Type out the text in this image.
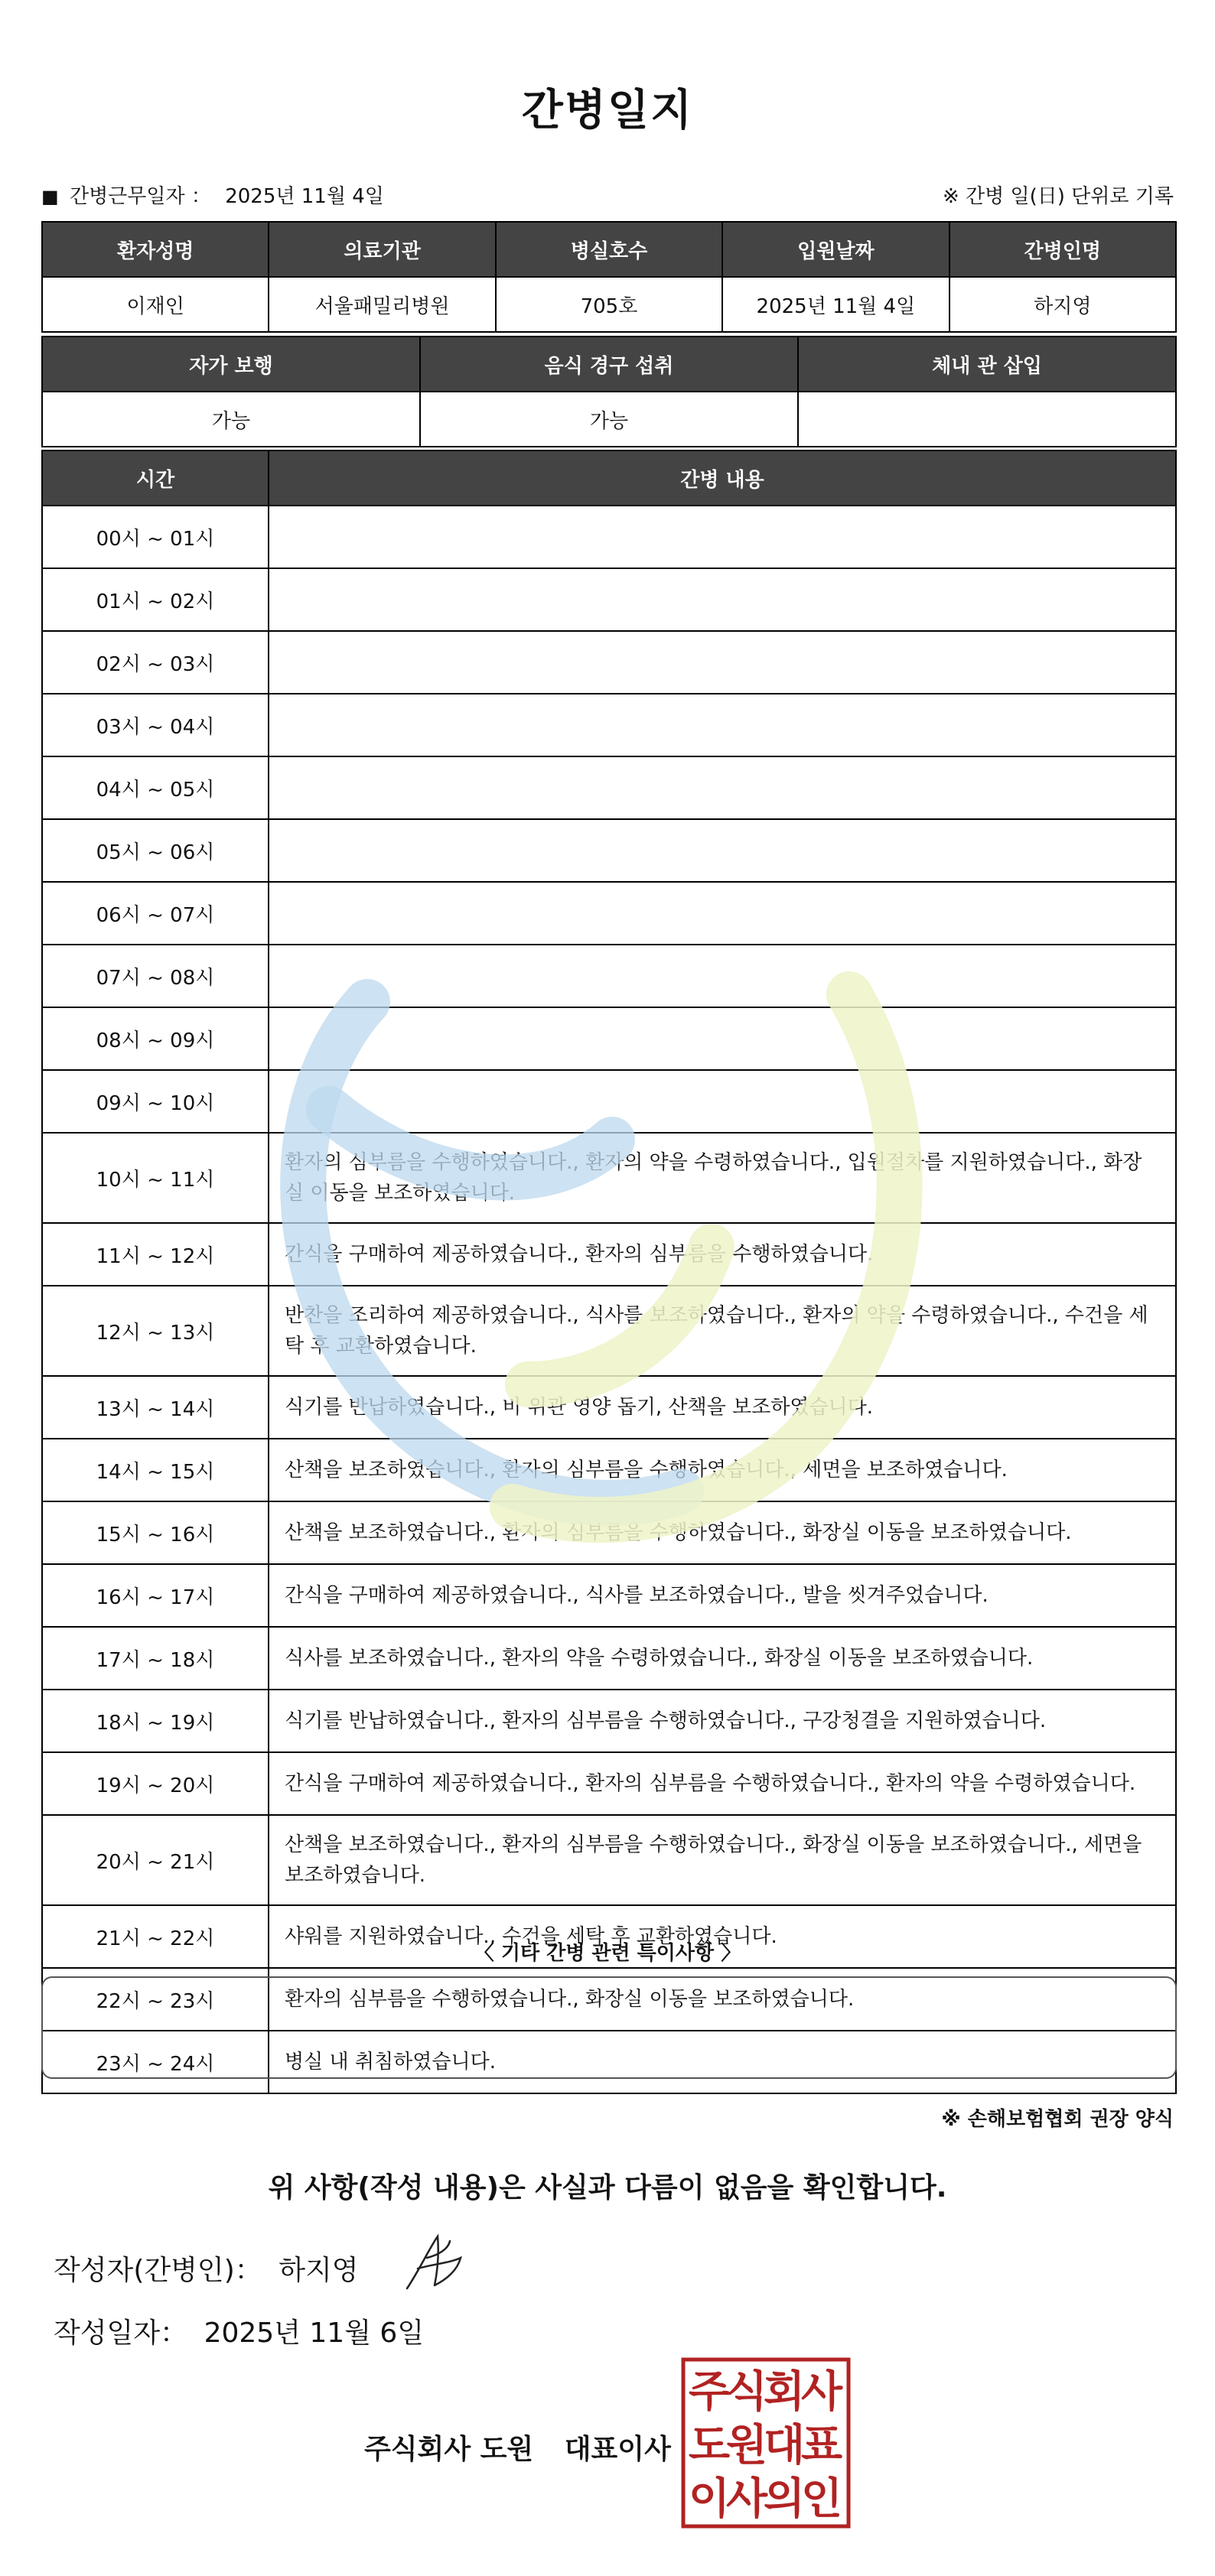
간병일지
■ 간병근무일자 ： 2025년 11월 4일	※ 간병 일(日) 단위로 기록
환자성명	의료기관	병실호수	입원날짜	간병인명
이재인	서울패밀리병원	705호	2025년 11월 4일	하지영
자가 보행	음식 경구 섭취	체내 관 삽입
가능	가능	
시간	간병 내용
00시 ~ 01시	
01시 ~ 02시	
02시 ~ 03시	
03시 ~ 04시	
04시 ~ 05시	
05시 ~ 06시	
06시 ~ 07시	
07시 ~ 08시	
08시 ~ 09시	
09시 ~ 10시	
10시 ~ 11시	환자의 심부름을 수행하였습니다., 환자의 약을 수령하였습니다., 입원절차를 지원하였습니다., 화장실 이동을 보조하였습니다.
11시 ~ 12시	간식을 구매하여 제공하였습니다., 환자의 심부름을 수행하였습니다.
12시 ~ 13시	반찬을 조리하여 제공하였습니다., 식사를 보조하였습니다., 환자의 약을 수령하였습니다., 수건을 세탁 후 교환하였습니다.
13시 ~ 14시	식기를 반납하였습니다., 비 위관 영양 돕기, 산책을 보조하였습니다.
14시 ~ 15시	산책을 보조하였습니다., 환자의 심부름을 수행하였습니다., 세면을 보조하였습니다.
15시 ~ 16시	산책을 보조하였습니다., 환자의 심부름을 수행하였습니다., 화장실 이동을 보조하였습니다.
16시 ~ 17시	간식을 구매하여 제공하였습니다., 식사를 보조하였습니다., 발을 씻겨주었습니다.
17시 ~ 18시	식사를 보조하였습니다., 환자의 약을 수령하였습니다., 화장실 이동을 보조하였습니다.
18시 ~ 19시	식기를 반납하였습니다., 환자의 심부름을 수행하였습니다., 구강청결을 지원하였습니다.
19시 ~ 20시	간식을 구매하여 제공하였습니다., 환자의 심부름을 수행하였습니다., 환자의 약을 수령하였습니다.
20시 ~ 21시	산책을 보조하였습니다., 환자의 심부름을 수행하였습니다., 화장실 이동을 보조하였습니다., 세면을 보조하였습니다.
21시 ~ 22시	샤워를 지원하였습니다., 수건을 세탁 후 교환하였습니다.
22시 ~ 23시	환자의 심부름을 수행하였습니다., 화장실 이동을 보조하였습니다.
23시 ~ 24시	병실 내 취침하였습니다.
〈 기타 간병 관련 특이사항 〉
※ 손해보험협회 권장 양식
위 사항(작성 내용)은 사실과 다름이 없음을 확인합니다.
작성자(간병인)： 하지영
작성일자： 2025년 11월 6일
주식회사 도원 대표이사
주
식
회
사
도
원
대
표
이
사
의
인
